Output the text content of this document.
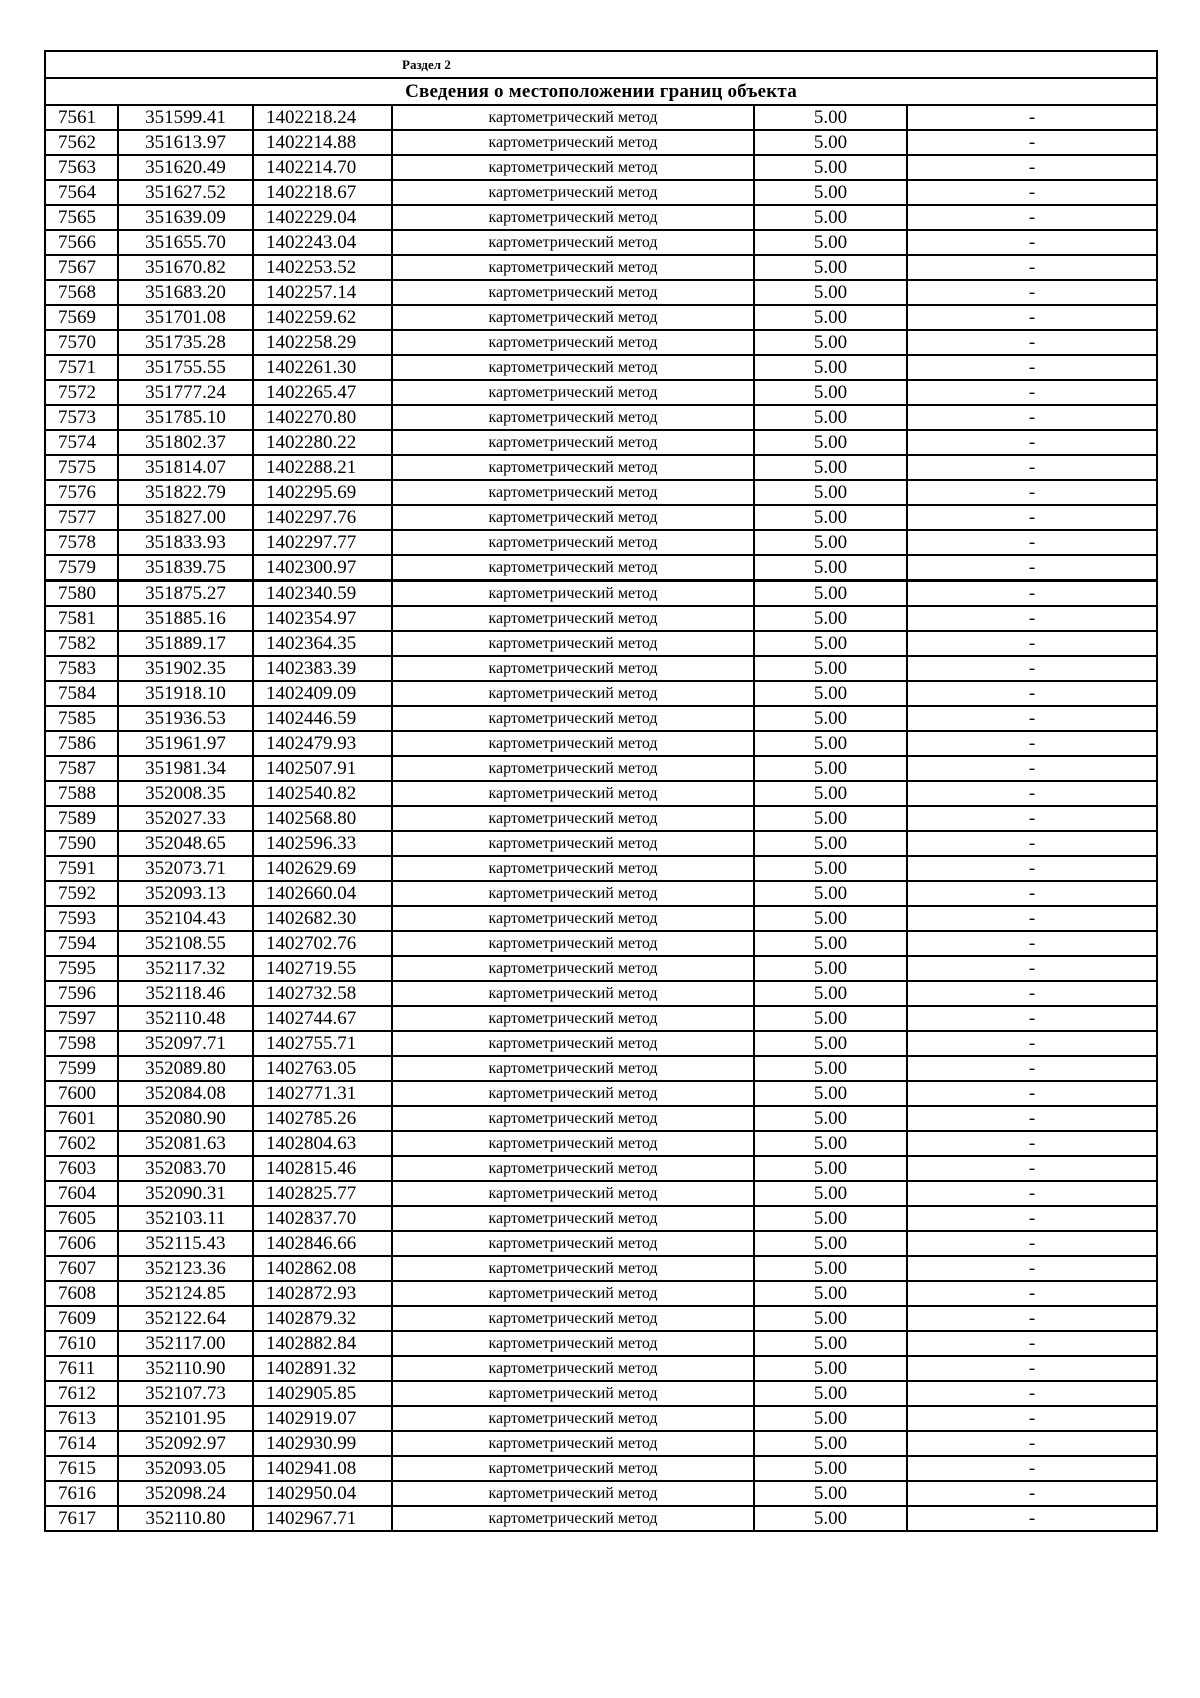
Раздел 2					
Сведения о местоположении границ объекта					
7561	351599.41	1402218.24	картометрический метод	5.00	-
7562	351613.97	1402214.88	картометрический метод	5.00	-
7563	351620.49	1402214.70	картометрический метод	5.00	-
7564	351627.52	1402218.67	картометрический метод	5.00	-
7565	351639.09	1402229.04	картометрический метод	5.00	-
7566	351655.70	1402243.04	картометрический метод	5.00	-
7567	351670.82	1402253.52	картометрический метод	5.00	-
7568	351683.20	1402257.14	картометрический метод	5.00	-
7569	351701.08	1402259.62	картометрический метод	5.00	-
7570	351735.28	1402258.29	картометрический метод	5.00	-
7571	351755.55	1402261.30	картометрический метод	5.00	-
7572	351777.24	1402265.47	картометрический метод	5.00	-
7573	351785.10	1402270.80	картометрический метод	5.00	-
7574	351802.37	1402280.22	картометрический метод	5.00	-
7575	351814.07	1402288.21	картометрический метод	5.00	-
7576	351822.79	1402295.69	картометрический метод	5.00	-
7577	351827.00	1402297.76	картометрический метод	5.00	-
7578	351833.93	1402297.77	картометрический метод	5.00	-
7579	351839.75	1402300.97	картометрический метод	5.00	-
7580	351875.27	1402340.59	картометрический метод	5.00	-
7581	351885.16	1402354.97	картометрический метод	5.00	-
7582	351889.17	1402364.35	картометрический метод	5.00	-
7583	351902.35	1402383.39	картометрический метод	5.00	-
7584	351918.10	1402409.09	картометрический метод	5.00	-
7585	351936.53	1402446.59	картометрический метод	5.00	-
7586	351961.97	1402479.93	картометрический метод	5.00	-
7587	351981.34	1402507.91	картометрический метод	5.00	-
7588	352008.35	1402540.82	картометрический метод	5.00	-
7589	352027.33	1402568.80	картометрический метод	5.00	-
7590	352048.65	1402596.33	картометрический метод	5.00	-
7591	352073.71	1402629.69	картометрический метод	5.00	-
7592	352093.13	1402660.04	картометрический метод	5.00	-
7593	352104.43	1402682.30	картометрический метод	5.00	-
7594	352108.55	1402702.76	картометрический метод	5.00	-
7595	352117.32	1402719.55	картометрический метод	5.00	-
7596	352118.46	1402732.58	картометрический метод	5.00	-
7597	352110.48	1402744.67	картометрический метод	5.00	-
7598	352097.71	1402755.71	картометрический метод	5.00	-
7599	352089.80	1402763.05	картометрический метод	5.00	-
7600	352084.08	1402771.31	картометрический метод	5.00	-
7601	352080.90	1402785.26	картометрический метод	5.00	-
7602	352081.63	1402804.63	картометрический метод	5.00	-
7603	352083.70	1402815.46	картометрический метод	5.00	-
7604	352090.31	1402825.77	картометрический метод	5.00	-
7605	352103.11	1402837.70	картометрический метод	5.00	-
7606	352115.43	1402846.66	картометрический метод	5.00	-
7607	352123.36	1402862.08	картометрический метод	5.00	-
7608	352124.85	1402872.93	картометрический метод	5.00	-
7609	352122.64	1402879.32	картометрический метод	5.00	-
7610	352117.00	1402882.84	картометрический метод	5.00	-
7611	352110.90	1402891.32	картометрический метод	5.00	-
7612	352107.73	1402905.85	картометрический метод	5.00	-
7613	352101.95	1402919.07	картометрический метод	5.00	-
7614	352092.97	1402930.99	картометрический метод	5.00	-
7615	352093.05	1402941.08	картометрический метод	5.00	-
7616	352098.24	1402950.04	картометрический метод	5.00	-
7617	352110.80	1402967.71	картометрический метод	5.00	-
